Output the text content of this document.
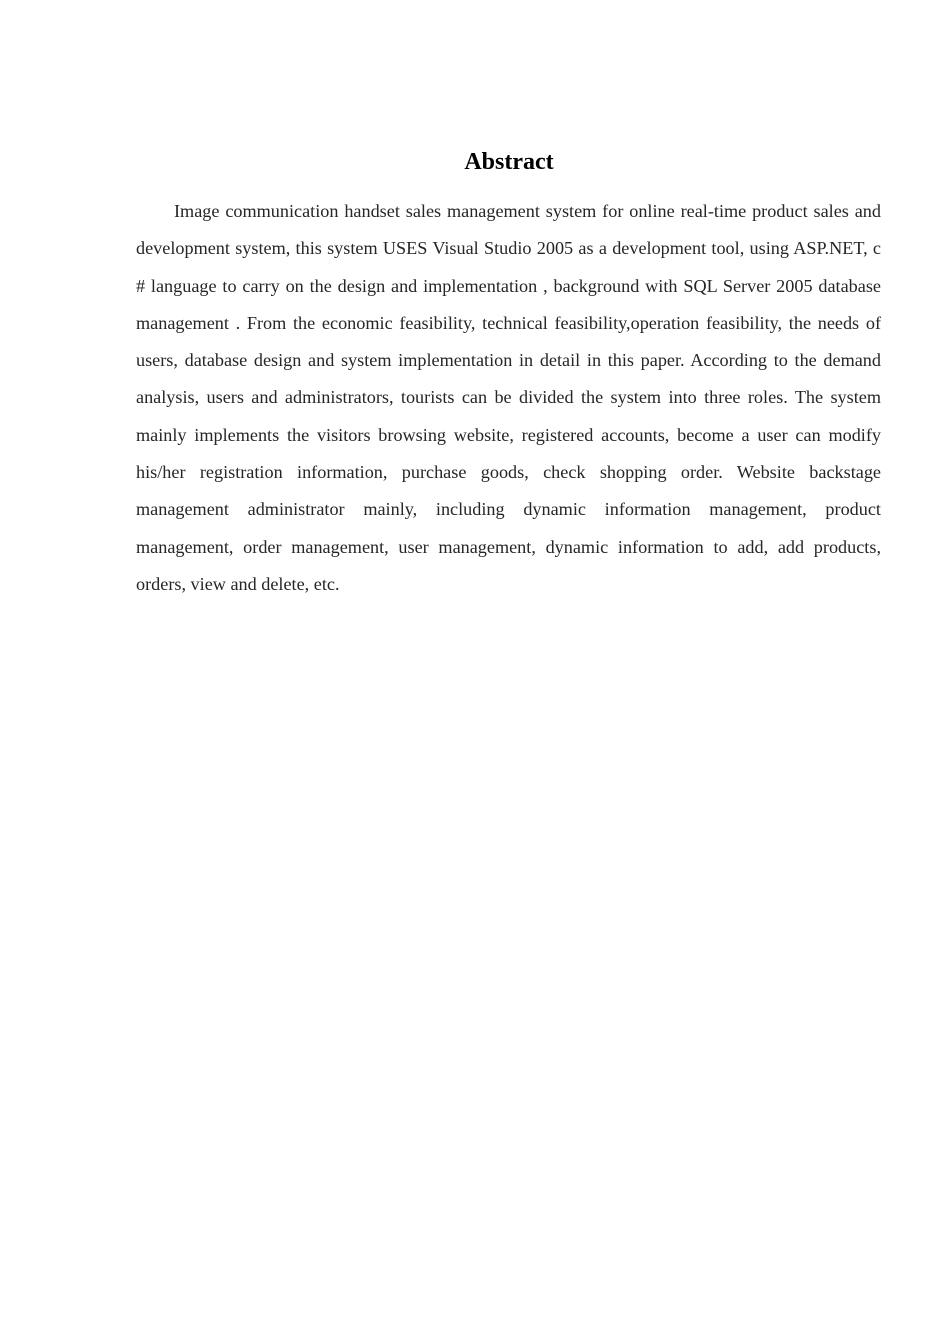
Abstract

Image communication handset sales management system for online real-time product sales and development system, this system USES Visual Studio 2005 as a development tool, using ASP.NET, c # language to carry on the design and implementation , background with SQL Server 2005 database management . From the economic feasibility, technical feasibility,operation feasibility, the needs of users, database design and system implementation in detail in this paper. According to the demand analysis, users and administrators, tourists can be divided the system into three roles. The system mainly implements the visitors browsing website, registered accounts, become a user can modify his/her registration information, purchase goods, check shopping order. Website backstage management administrator mainly, including dynamic information management, product management, order management, user management, dynamic information to add, add products, orders, view and delete, etc.
